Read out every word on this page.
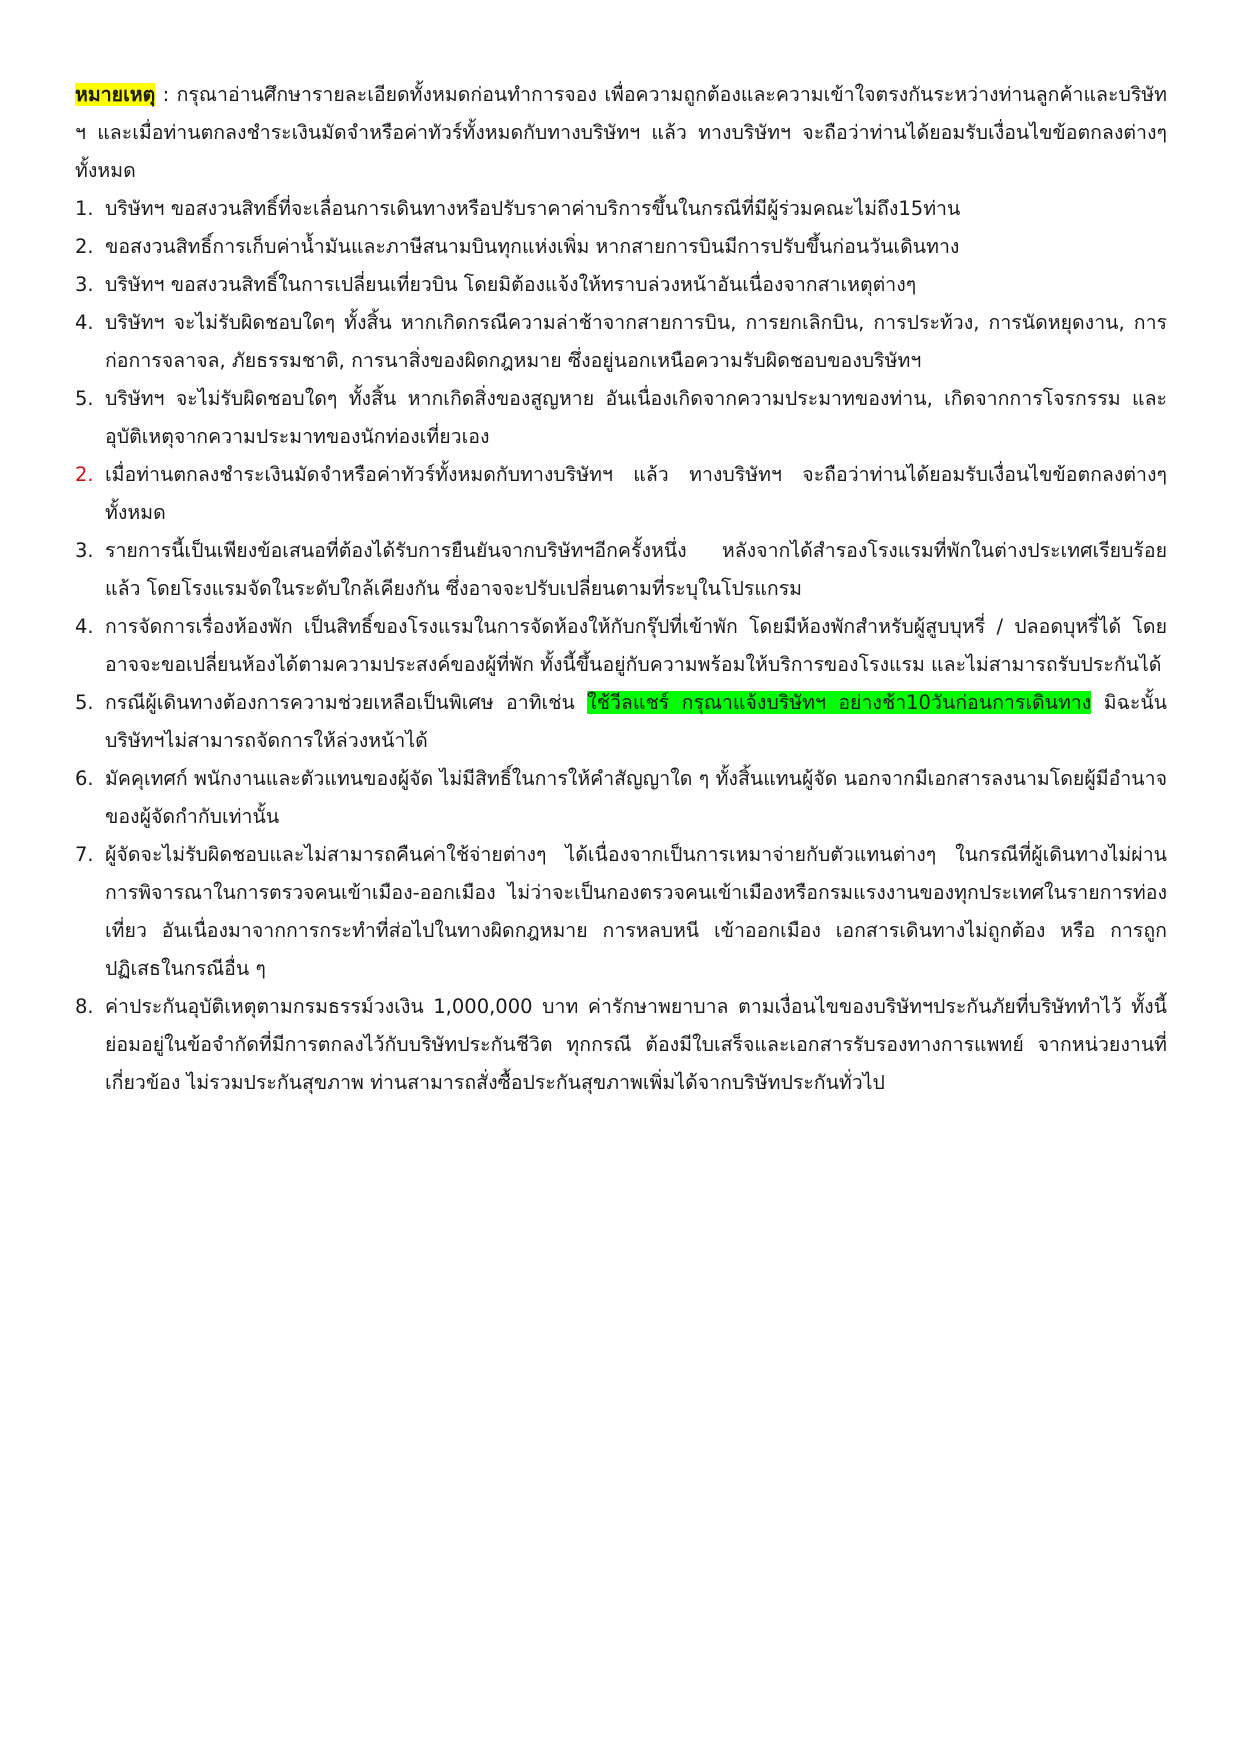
หมายเหตุ : กรุณาอ่านศึกษารายละเอียดทั้งหมดก่อนทำการจอง เพื่อความถูกต้องและความเข้าใจตรงกันระหว่างท่านลูกค้าและบริษัท ฯ และเมื่อท่านตกลงชำระเงินมัดจำหรือค่าทัวร์ทั้งหมดกับทางบริษัทฯ แล้ว ทางบริษัทฯ จะถือว่าท่านได้ยอมรับเงื่อนไขข้อตกลงต่างๆ ทั้งหมด

1. บริษัทฯ ขอสงวนสิทธิ์ที่จะเลื่อนการเดินทางหรือปรับราคาค่าบริการขึ้นในกรณีที่มีผู้ร่วมคณะไม่ถึง15ท่าน
2. ขอสงวนสิทธิ์การเก็บค่าน้ำมันและภาษีสนามบินทุกแห่งเพิ่ม หากสายการบินมีการปรับขึ้นก่อนวันเดินทาง
3. บริษัทฯ ขอสงวนสิทธิ์ในการเปลี่ยนเที่ยวบิน โดยมิต้องแจ้งให้ทราบล่วงหน้าอันเนื่องจากสาเหตุต่างๆ
4. บริษัทฯ จะไม่รับผิดชอบใดๆ ทั้งสิ้น หากเกิดกรณีความล่าช้าจากสายการบิน, การยกเลิกบิน, การประท้วง, การนัดหยุดงาน, การก่อการจลาจล, ภัยธรรมชาติ, การนาสิ่งของผิดกฎหมาย ซึ่งอยู่นอกเหนือความรับผิดชอบของบริษัทฯ
5. บริษัทฯ จะไม่รับผิดชอบใดๆ ทั้งสิ้น หากเกิดสิ่งของสูญหาย อันเนื่องเกิดจากความประมาทของท่าน, เกิดจากการโจรกรรม และอุบัติเหตุจากความประมาทของนักท่องเที่ยวเอง
2. เมื่อท่านตกลงชำระเงินมัดจำหรือค่าทัวร์ทั้งหมดกับทางบริษัทฯ แล้ว ทางบริษัทฯ จะถือว่าท่านได้ยอมรับเงื่อนไขข้อตกลงต่างๆ ทั้งหมด
3. รายการนี้เป็นเพียงข้อเสนอที่ต้องได้รับการยืนยันจากบริษัทฯอีกครั้งหนึ่ง หลังจากได้สำรองโรงแรมที่พักในต่างประเทศเรียบร้อยแล้ว โดยโรงแรมจัดในระดับใกล้เคียงกัน ซึ่งอาจจะปรับเปลี่ยนตามที่ระบุในโปรแกรม
4. การจัดการเรื่องห้องพัก เป็นสิทธิ์ของโรงแรมในการจัดห้องให้กับกรุ๊ปที่เข้าพัก โดยมีห้องพักสำหรับผู้สูบบุหรี่ / ปลอดบุหรี่ได้ โดยอาจจะขอเปลี่ยนห้องได้ตามความประสงค์ของผู้ที่พัก ทั้งนี้ขึ้นอยู่กับความพร้อมให้บริการของโรงแรม และไม่สามารถรับประกันได้
5. กรณีผู้เดินทางต้องการความช่วยเหลือเป็นพิเศษ อาทิเช่น ใช้วีลแชร์ กรุณาแจ้งบริษัทฯ อย่างช้า10วันก่อนการเดินทาง มิฉะนั้นบริษัทฯไม่สามารถจัดการให้ล่วงหน้าได้
6. มัคคุเทศก์ พนักงานและตัวแทนของผู้จัด ไม่มีสิทธิ์ในการให้คำสัญญาใด ๆ ทั้งสิ้นแทนผู้จัด นอกจากมีเอกสารลงนามโดยผู้มีอำนาจของผู้จัดกำกับเท่านั้น
7. ผู้จัดจะไม่รับผิดชอบและไม่สามารถคืนค่าใช้จ่ายต่างๆ ได้เนื่องจากเป็นการเหมาจ่ายกับตัวแทนต่างๆ ในกรณีที่ผู้เดินทางไม่ผ่านการพิจารณาในการตรวจคนเข้าเมือง-ออกเมือง ไม่ว่าจะเป็นกองตรวจคนเข้าเมืองหรือกรมแรงงานของทุกประเทศในรายการท่องเที่ยว อันเนื่องมาจากการกระทำที่ส่อไปในทางผิดกฎหมาย การหลบหนี เข้าออกเมือง เอกสารเดินทางไม่ถูกต้อง หรือ การถูกปฏิเสธในกรณีอื่น ๆ
8. ค่าประกันอุบัติเหตุตามกรมธรรม์วงเงิน 1,000,000 บาท ค่ารักษาพยาบาล ตามเงื่อนไขของบริษัทฯประกันภัยที่บริษัททำไว้ ทั้งนี้ย่อมอยู่ในข้อจำกัดที่มีการตกลงไว้กับบริษัทประกันชีวิต ทุกกรณี ต้องมีใบเสร็จและเอกสารรับรองทางการแพทย์ จากหน่วยงานที่เกี่ยวข้อง ไม่รวมประกันสุขภาพ ท่านสามารถสั่งซื้อประกันสุขภาพเพิ่มได้จากบริษัทประกันทั่วไป
